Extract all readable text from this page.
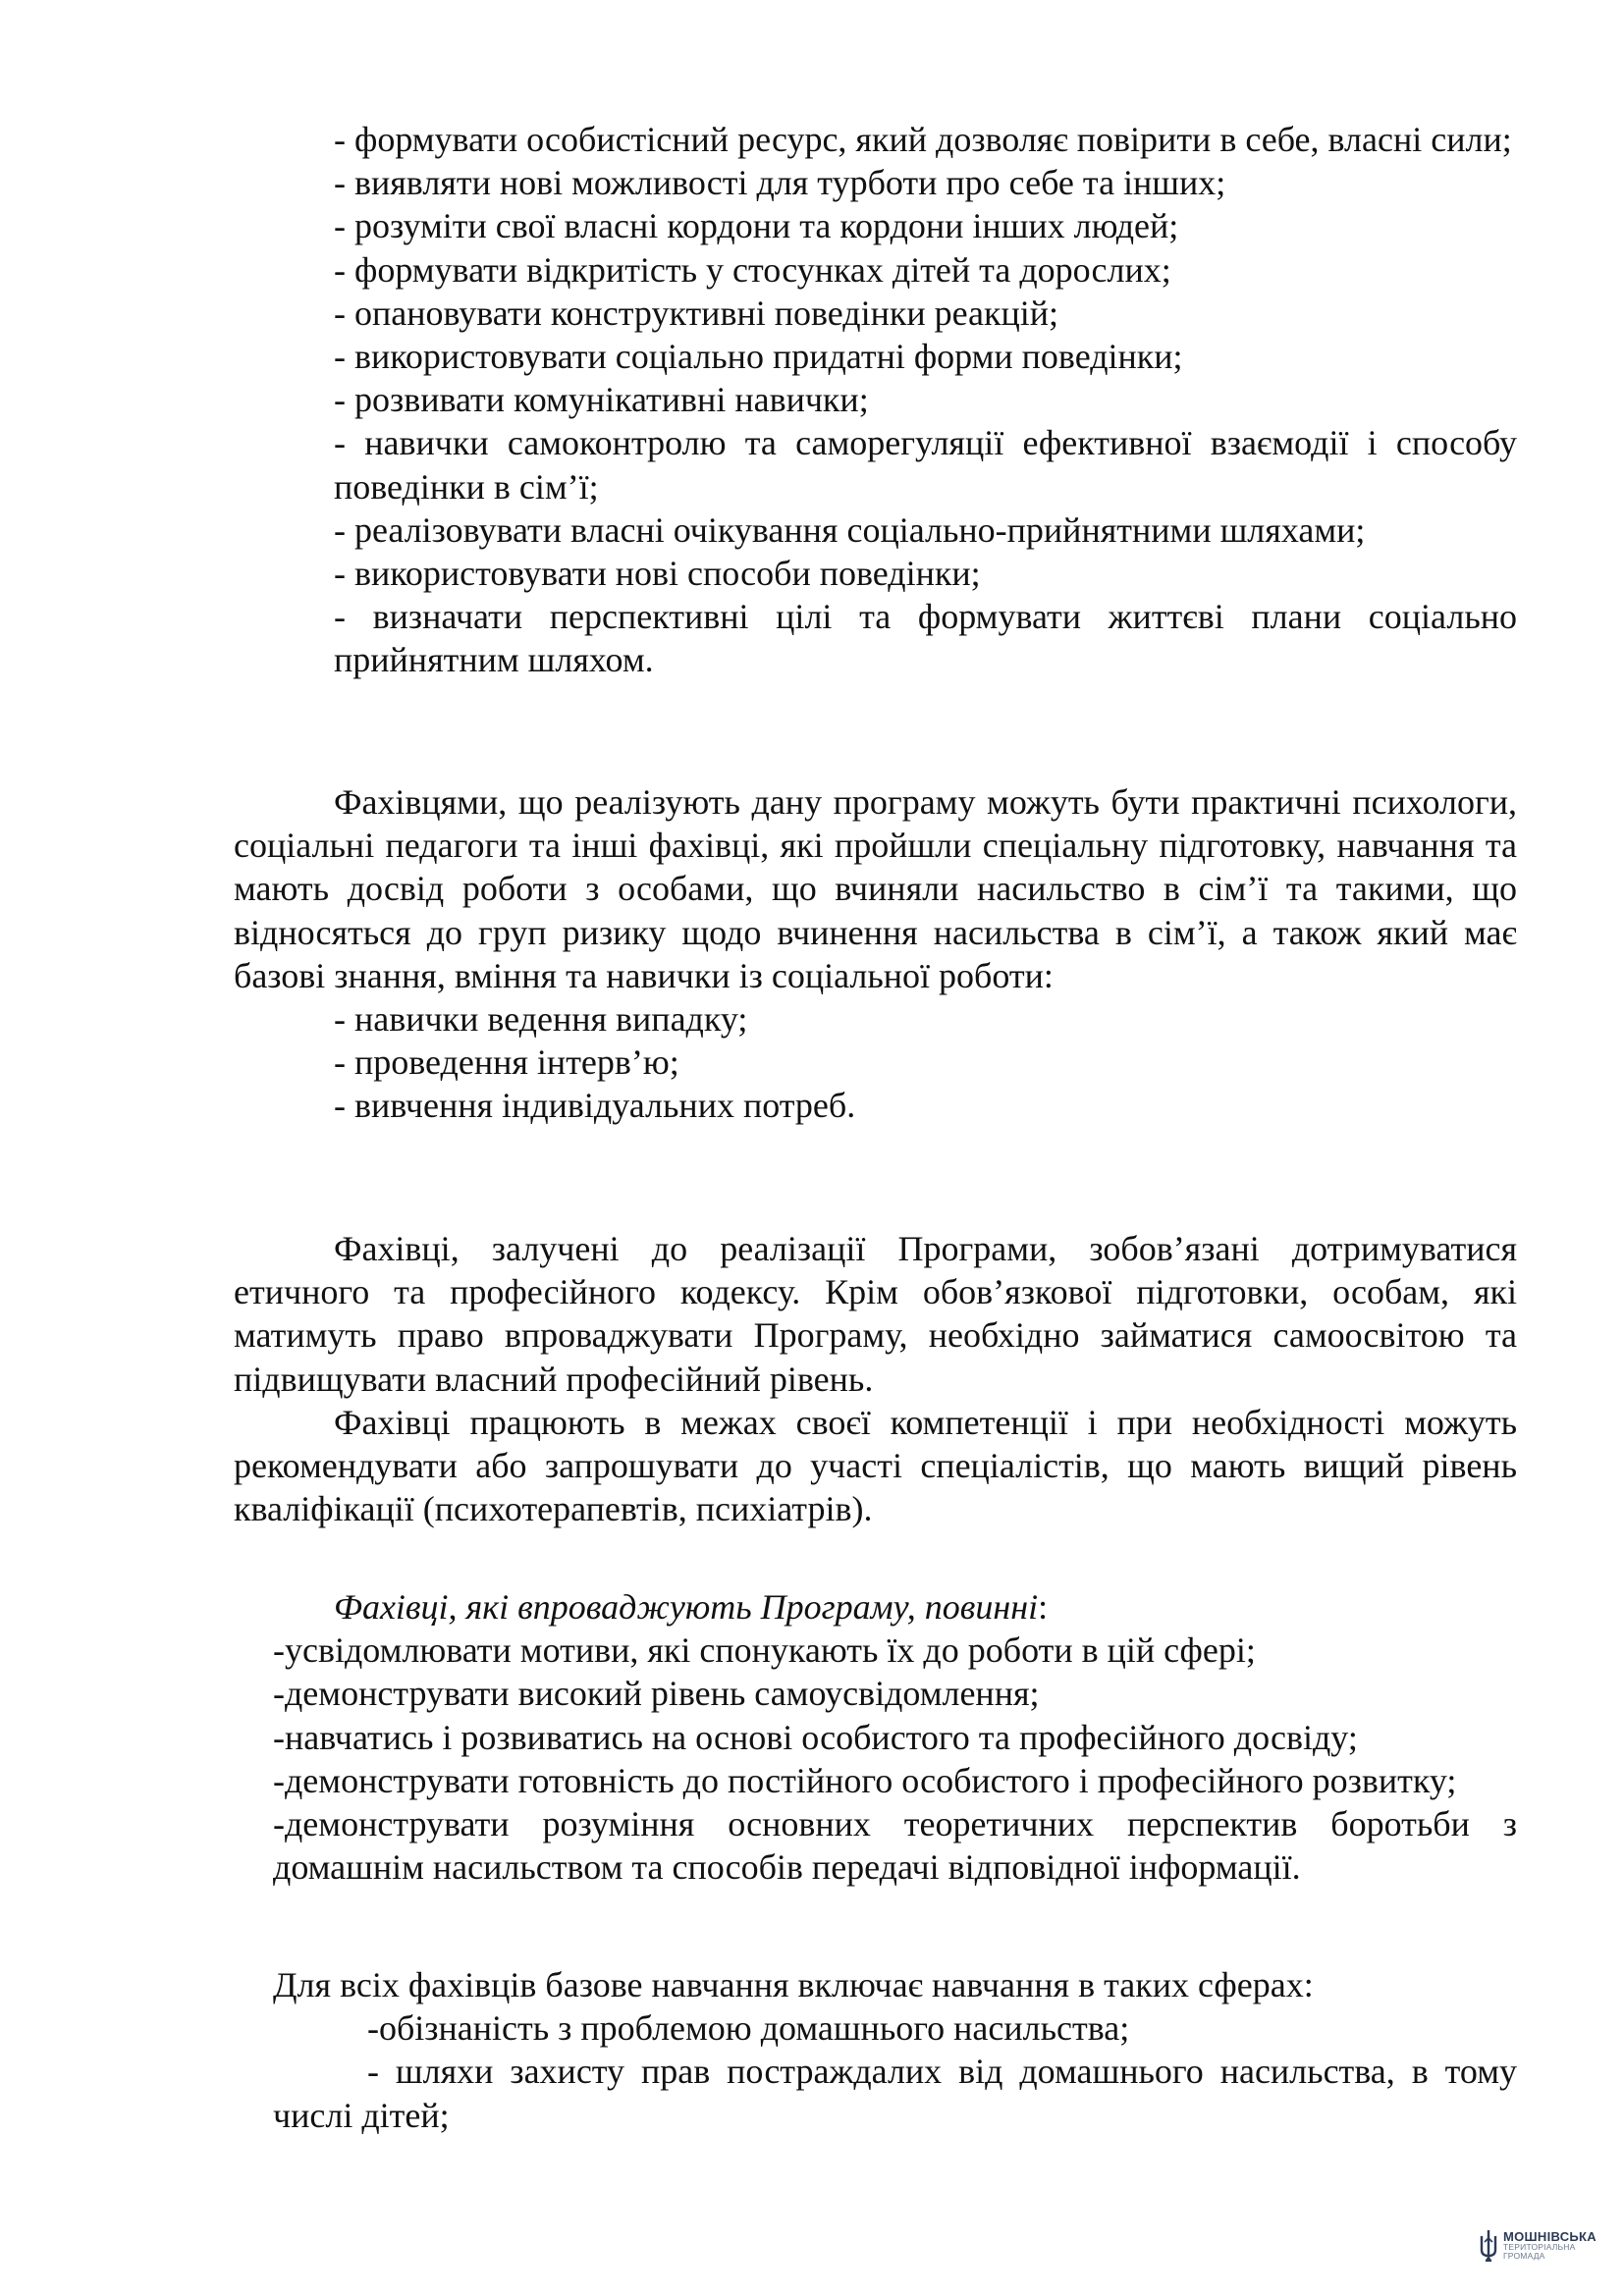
- формувати особистісний ресурс, який дозволяє повірити в себе, власні сили;

- виявляти нові можливості для турботи про себе та інших;

- розуміти свої власні кордони та кордони інших людей;

- формувати відкритість у стосунках дітей та дорослих;

- опановувати конструктивні поведінки реакцій;

- використовувати соціально придатні форми поведінки;

- розвивати комунікативні навички;

- навички самоконтролю та саморегуляції ефективної взаємодії і способу поведінки в сім’ї;

- реалізовувати власні очікування соціально-прийнятними шляхами;

- використовувати нові способи поведінки;

- визначати перспективні цілі та формувати життєві плани соціально прийнятним шляхом.

Фахівцями, що реалізують дану програму можуть бути практичні психологи, соціальні педагоги та інші фахівці, які пройшли спеціальну підготовку, навчання та мають досвід роботи з особами, що вчиняли насильство в сім’ї та такими, що відносяться до груп ризику щодо вчинення насильства в сім’ї, а також який має базові знання, вміння та навички із соціальної роботи:

- навички ведення випадку;

- проведення інтерв’ю;

- вивчення індивідуальних потреб.

Фахівці, залучені до реалізації Програми, зобов’язані дотримуватися етичного та професійного кодексу. Крім обов’язкової підготовки, особам, які матимуть право впроваджувати Програму, необхідно займатися самоосвітою та підвищувати власний професійний рівень.

Фахівці працюють в межах своєї компетенції і при необхідності можуть рекомендувати або запрошувати до участі спеціалістів, що мають вищий рівень кваліфікації (психотерапевтів, психіатрів).

Фахівці, які впроваджують Програму, повинні:

-усвідомлювати мотиви, які спонукають їх до роботи в цій сфері;

-демонструвати високий рівень самоусвідомлення;

-навчатись і розвиватись на основі особистого та професійного досвіду;

-демонструвати готовність до постійного особистого і професійного розвитку;

-демонструвати розуміння основних теоретичних перспектив боротьби з домашнім насильством та способів передачі відповідної інформації.

Для всіх фахівців базове навчання включає навчання в таких сферах:

-обізнаність з проблемою домашнього насильства;

- шляхи захисту прав постраждалих від домашнього насильства, в тому числі дітей;

МОШНІВСЬКА
ТЕРИТОРІАЛЬНА
ГРОМАДА
